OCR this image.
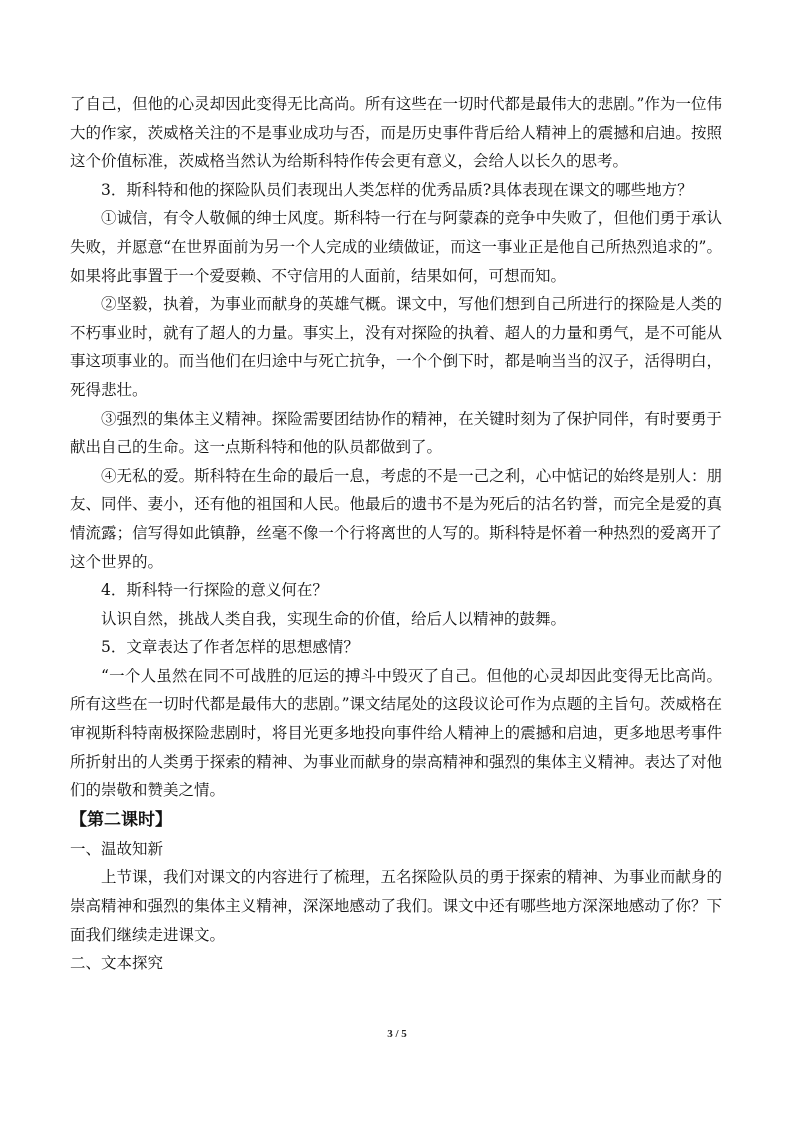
了自己，但他的心灵却因此变得无比高尚。所有这些在一切时代都是最伟大的悲剧。”作为一位伟大的作家，茨威格关注的不是事业成功与否，而是历史事件背后给人精神上的震撼和启迪。按照这个价值标准，茨威格当然认为给斯科特作传会更有意义，会给人以长久的思考。

3．斯科特和他的探险队员们表现出人类怎样的优秀品质?具体表现在课文的哪些地方？

①诚信，有令人敬佩的绅士风度。斯科特一行在与阿蒙森的竞争中失败了，但他们勇于承认失败，并愿意“在世界面前为另一个人完成的业绩做证，而这一事业正是他自己所热烈追求的”。如果将此事置于一个爱耍赖、不守信用的人面前，结果如何，可想而知。

②坚毅，执着，为事业而献身的英雄气概。课文中，写他们想到自己所进行的探险是人类的不朽事业时，就有了超人的力量。事实上，没有对探险的执着、超人的力量和勇气，是不可能从事这项事业的。而当他们在归途中与死亡抗争，一个个倒下时，都是响当当的汉子，活得明白，死得悲壮。

③强烈的集体主义精神。探险需要团结协作的精神，在关键时刻为了保护同伴，有时要勇于献出自己的生命。这一点斯科特和他的队员都做到了。

④无私的爱。斯科特在生命的最后一息，考虑的不是一己之利，心中惦记的始终是别人：朋友、同伴、妻小，还有他的祖国和人民。他最后的遗书不是为死后的沽名钓誉，而完全是爱的真情流露；信写得如此镇静，丝毫不像一个行将离世的人写的。斯科特是怀着一种热烈的爱离开了这个世界的。

4．斯科特一行探险的意义何在？

认识自然，挑战人类自我，实现生命的价值，给后人以精神的鼓舞。

5．文章表达了作者怎样的思想感情？

“一个人虽然在同不可战胜的厄运的搏斗中毁灭了自己。但他的心灵却因此变得无比高尚。所有这些在一切时代都是最伟大的悲剧。”课文结尾处的这段议论可作为点题的主旨句。茨威格在审视斯科特南极探险悲剧时，将目光更多地投向事件给人精神上的震撼和启迪，更多地思考事件所折射出的人类勇于探索的精神、为事业而献身的崇高精神和强烈的集体主义精神。表达了对他们的崇敬和赞美之情。

【第二课时】

一、温故知新

上节课，我们对课文的内容进行了梳理，五名探险队员的勇于探索的精神、为事业而献身的崇高精神和强烈的集体主义精神，深深地感动了我们。课文中还有哪些地方深深地感动了你？下面我们继续走进课文。

二、文本探究

3 / 5
